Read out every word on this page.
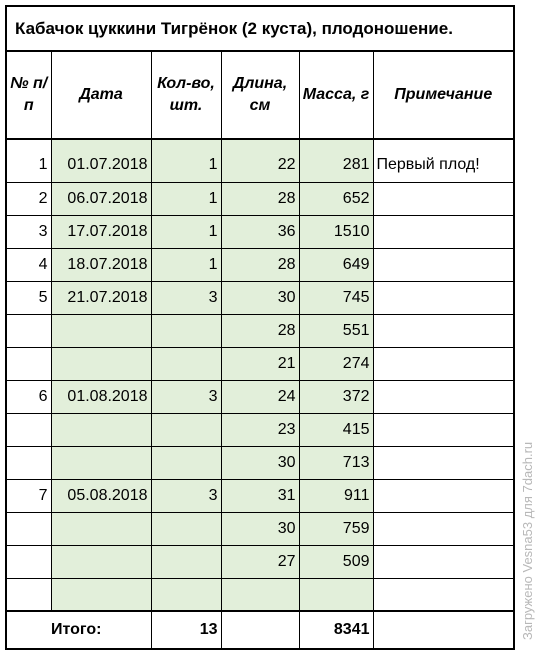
Кабачок цуккини Тигрёнок (2 куста), плодоношение.					
№ п/п	Дата	Кол-во, шт.	Длина, см	Масса, г	Примечание

1	01.07.2018	1	22	281	Первый плод!
2	06.07.2018	1	28	652	
3	17.07.2018	1	36	1510	
4	18.07.2018	1	28	649	
5	21.07.2018	3	30	745	
			28	551	
			21	274	
6	01.08.2018	3	24	372	
			23	415	
			30	713	
7	05.08.2018	3	31	911	
			30	759	
			27	509	

Итого:		13		8341		Загружено Vesna53 для 7dach.ru
